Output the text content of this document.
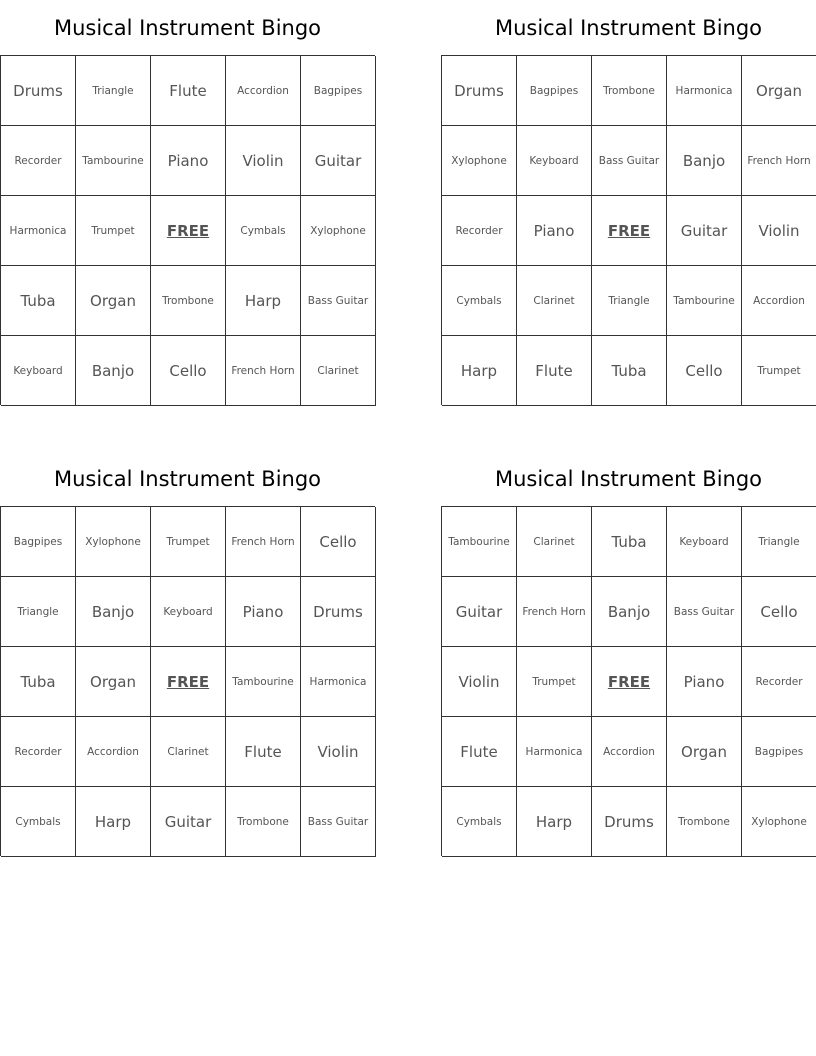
Musical Instrument Bingo
Drums	Triangle	Flute	Accordion	Bagpipes
Recorder	Tambourine	Piano	Violin	Guitar
Harmonica	Trumpet	FREE	Cymbals	Xylophone
Tuba	Organ	Trombone	Harp	Bass Guitar
Keyboard	Banjo	Cello	French Horn	Clarinet
Musical Instrument Bingo
Drums	Bagpipes	Trombone	Harmonica	Organ
Xylophone	Keyboard	Bass Guitar	Banjo	French Horn
Recorder	Piano	FREE	Guitar	Violin
Cymbals	Clarinet	Triangle	Tambourine	Accordion
Harp	Flute	Tuba	Cello	Trumpet
Musical Instrument Bingo
Bagpipes	Xylophone	Trumpet	French Horn	Cello
Triangle	Banjo	Keyboard	Piano	Drums
Tuba	Organ	FREE	Tambourine	Harmonica
Recorder	Accordion	Clarinet	Flute	Violin
Cymbals	Harp	Guitar	Trombone	Bass Guitar
Musical Instrument Bingo
Tambourine	Clarinet	Tuba	Keyboard	Triangle
Guitar	French Horn	Banjo	Bass Guitar	Cello
Violin	Trumpet	FREE	Piano	Recorder
Flute	Harmonica	Accordion	Organ	Bagpipes
Cymbals	Harp	Drums	Trombone	Xylophone
